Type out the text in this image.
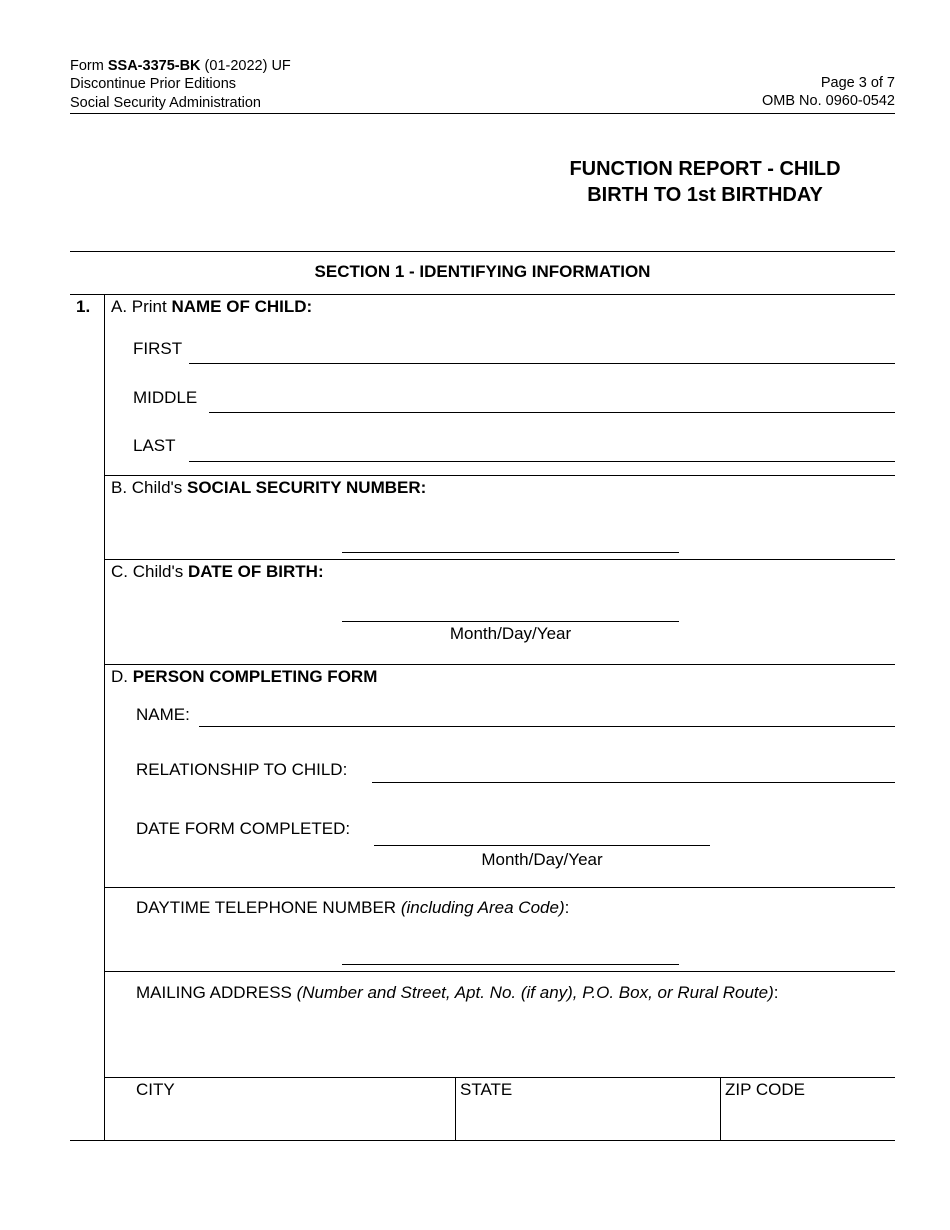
Form SSA-3375-BK (01-2022) UF
Discontinue Prior Editions
Social Security Administration
Page 3 of 7
OMB No. 0960-0542
FUNCTION REPORT - CHILD
BIRTH TO 1st BIRTHDAY
SECTION 1 - IDENTIFYING INFORMATION
1. A. Print NAME OF CHILD:
FIRST
MIDDLE
LAST
B. Child's SOCIAL SECURITY NUMBER:
C. Child's DATE OF BIRTH:
Month/Day/Year
D. PERSON COMPLETING FORM
NAME:
RELATIONSHIP TO CHILD:
DATE FORM COMPLETED:
Month/Day/Year
DAYTIME TELEPHONE NUMBER (including Area Code):
MAILING ADDRESS (Number and Street, Apt. No. (if any), P.O. Box, or Rural Route):
CITY	STATE	ZIP CODE
